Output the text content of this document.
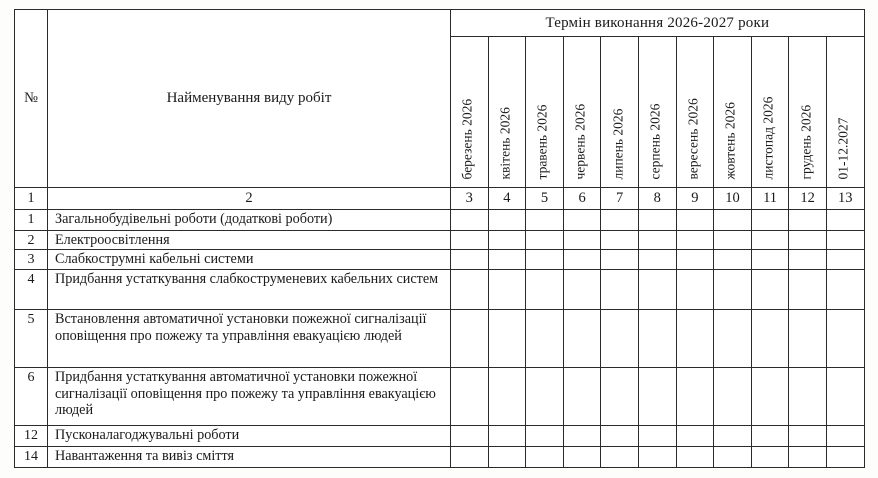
№	Найменування виду робіт	Термін виконання 2026-2027 роки										

		березень 2026	квітень 2026	травень 2026	червень 2026	липень 2026	серпень 2026	вересень 2026	жовтень 2026	листопад 2026	грудень 2026	01-12.2027

1	2	3	4	5	6	7	8	9	10	11	12	13
1	Загальнобудівельні роботи (додаткові роботи)											
2	Електроосвітлення											
3	Слабкострумні кабельні системи											
4	Придбання устаткування слабкоструменевих кабельних систем											
5	Встановлення автоматичної установки пожежної сигналізації оповіщення про пожежу та управління евакуацією людей											
6	Придбання устаткування автоматичної установки пожежної сигналізації оповіщення про пожежу та управління евакуацією людей											
12	Пусконалагоджувальні роботи											
14	Навантаження та вивіз сміття											
